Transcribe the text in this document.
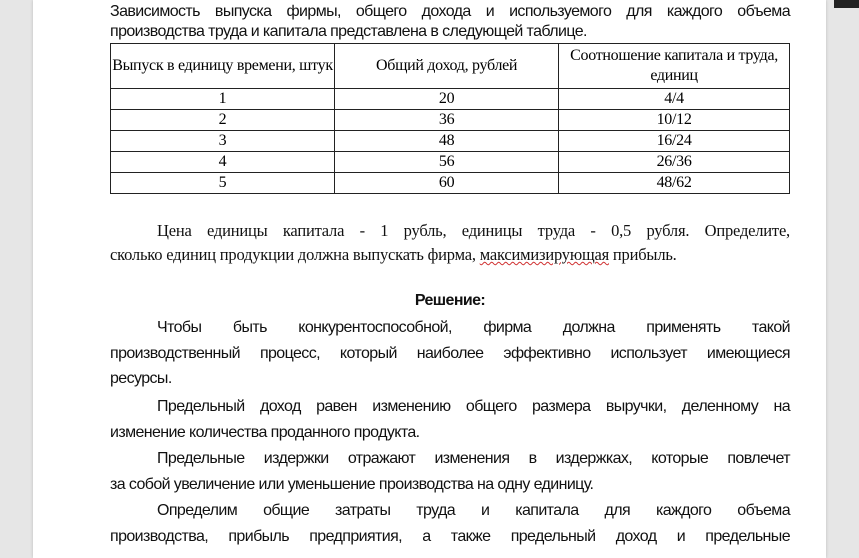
Зависимость выпуска фирмы, общего дохода и используемого для каждого объема
производства труда и капитала представлена в следующей таблице.
Выпуск в единицу времени, штук	Общий доход, рублей	Соотношение капитала и труда, единиц
1	20	4/4
2	36	10/12
3	48	16/24
4	56	26/36
5	60	48/62
Цена единицы капитала - 1 рубль, единицы труда - 0,5 рубля. Определите,
сколько единиц продукции должна выпускать фирма, максимизирующая прибыль.
Решение:
Чтобы быть конкурентоспособной, фирма должна применять такой
производственный процесс, который наиболее эффективно использует имеющиеся
ресурсы.
Предельный доход равен изменению общего размера выручки, деленному на
изменение количества проданного продукта.
Предельные издержки отражают изменения в издержках, которые повлечет
за собой увеличение или уменьшение производства на одну единицу.
Определим общие затраты труда и капитала для каждого объема
производства, прибыль предприятия, а также предельный доход и предельные
